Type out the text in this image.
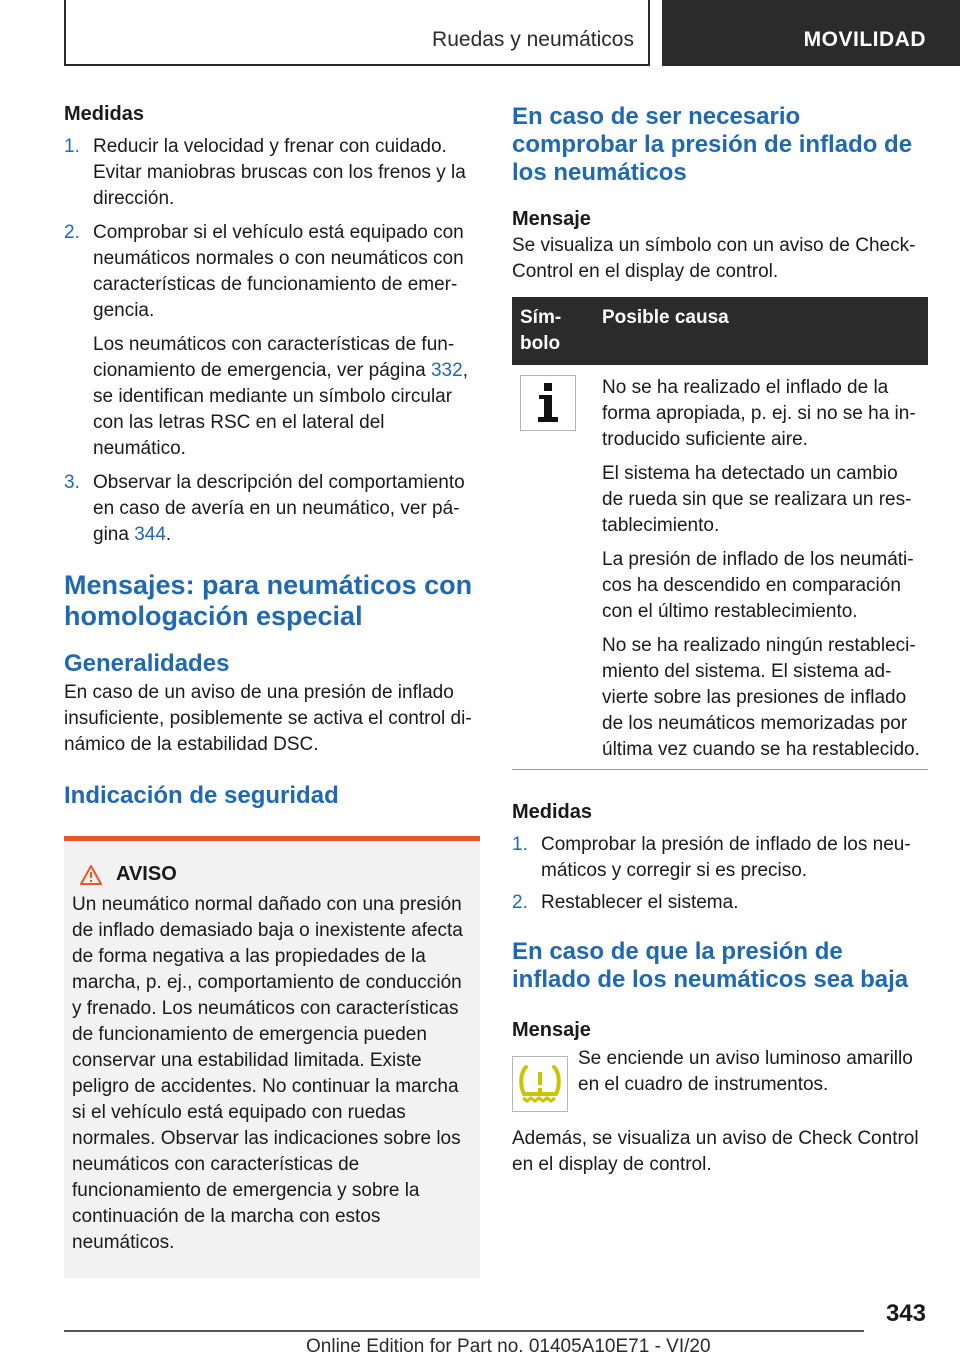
Ruedas y neumáticos	MOVILIDAD
Medidas
1. Reducir la velocidad y frenar con cuidado. Evitar maniobras bruscas con los frenos y la dirección.
2. Comprobar si el vehículo está equipado con neumáticos normales o con neumáticos con características de funcionamiento de emergencia.
Los neumáticos con características de funcionamiento de emergencia, ver página 332, se identifican mediante un símbolo circular con las letras RSC en el lateral del neumático.
3. Observar la descripción del comportamiento en caso de avería en un neumático, ver página 344.
Mensajes: para neumáticos con homologación especial
Generalidades

En caso de un aviso de una presión de inflado insuficiente, posiblemente se activa el control dinámico de la estabilidad DSC.

Indicación de seguridad
AVISO

Un neumático normal dañado con una presión de inflado demasiado baja o inexistente afecta de forma negativa a las propiedades de la marcha, p. ej., comportamiento de conducción y frenado. Los neumáticos con características de funcionamiento de emergencia pueden conservar una estabilidad limitada. Existe peligro de accidentes. No continuar la marcha si el vehículo está equipado con ruedas normales. Observar las indicaciones sobre los neumáticos con características de funcionamiento de emergencia y sobre la continuación de la marcha con estos neumáticos.

En caso de ser necesario comprobar la presión de inflado de los neumáticos
Mensaje

Se visualiza un símbolo con un aviso de Check-Control en el display de control.

Símbolo	Posible causa

No se ha realizado el inflado de la forma apropiada, p. ej. si no se ha introducido suficiente aire.

El sistema ha detectado un cambio de rueda sin que se realizara un restablecimiento.

La presión de inflado de los neumáticos ha descendido en comparación con el último restablecimiento.

No se ha realizado ningún restablecimiento del sistema. El sistema advierte sobre las presiones de inflado de los neumáticos memorizadas por última vez cuando se ha restablecido.

Medidas
1. Comprobar la presión de inflado de los neumáticos y corregir si es preciso.
2. Restablecer el sistema.
En caso de que la presión de inflado de los neumáticos sea baja
Mensaje

Se enciende un aviso luminoso amarillo en el cuadro de instrumentos.

Además, se visualiza un aviso de Check Control en el display de control.

343
Online Edition for Part no. 01405A10E71 - VI/20
